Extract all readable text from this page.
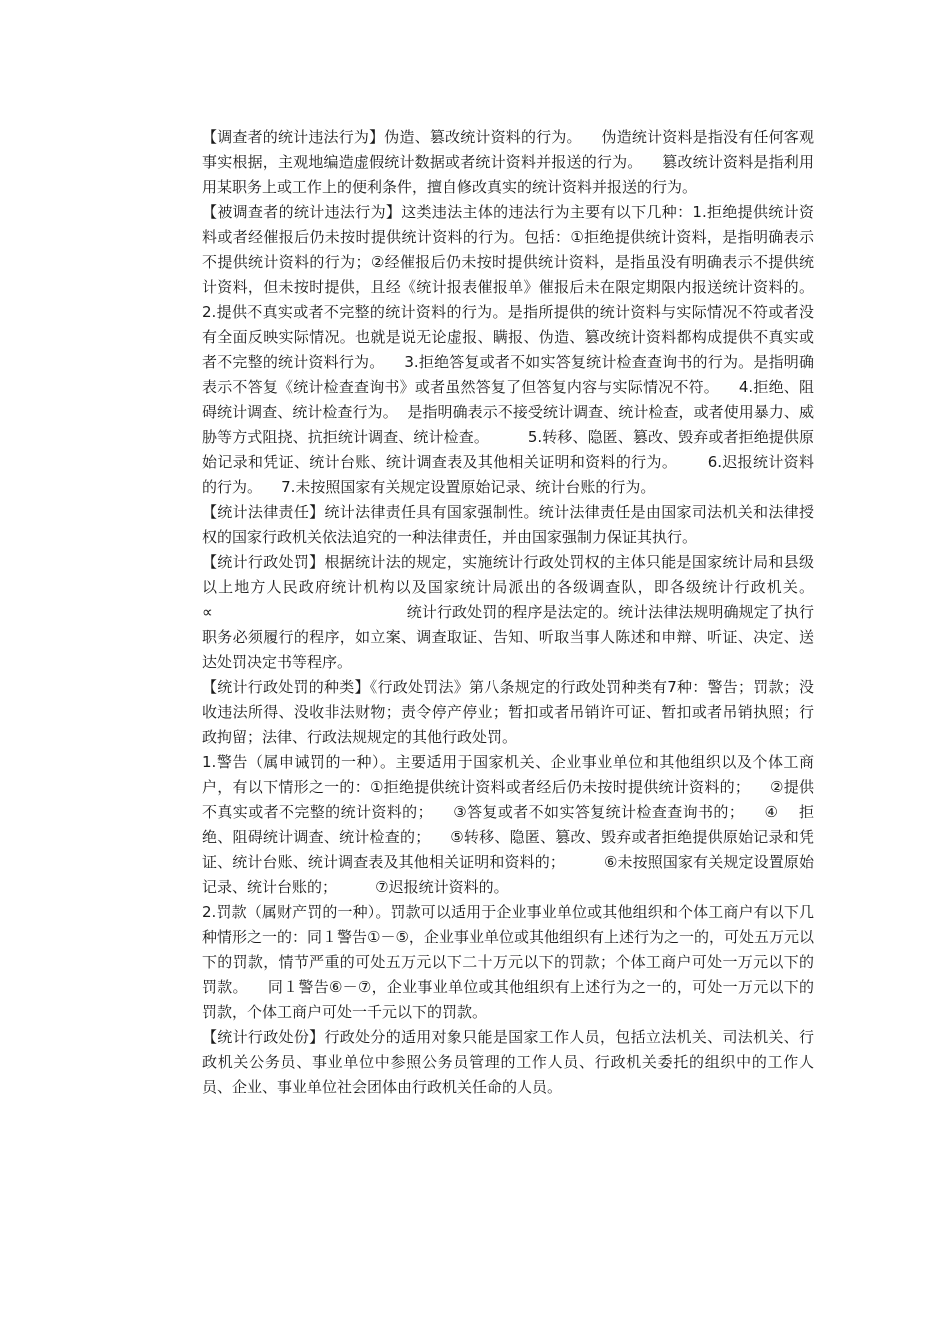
【调查者的统计违法行为】伪造、篡改统计资料的行为。    伪造统计资料是指没有任何客观事实根据，主观地编造虚假统计数据或者统计资料并报送的行为。    篡改统计资料是指利用用某职务上或工作上的便利条件，擅自修改真实的统计资料并报送的行为。

【被调查者的统计违法行为】这类违法主体的违法行为主要有以下几种：1.拒绝提供统计资料或者经催报后仍未按时提供统计资料的行为。包括：①拒绝提供统计资料，是指明确表示不提供统计资料的行为；②经催报后仍未按时提供统计资料，是指虽没有明确表示不提供统计资料，但未按时提供，且经《统计报表催报单》催报后未在限定期限内报送统计资料的。    2.提供不真实或者不完整的统计资料的行为。是指所提供的统计资料与实际情况不符或者没有全面反映实际情况。也就是说无论虚报、瞒报、伪造、篡改统计资料都构成提供不真实或者不完整的统计资料行为。    3.拒绝答复或者不如实答复统计检查查询书的行为。是指明确表示不答复《统计检查查询书》或者虽然答复了但答复内容与实际情况不符。    4.拒绝、阻碍统计调查、统计检查行为。  是指明确表示不接受统计调查、统计检查，或者使用暴力、威胁等方式阻挠、抗拒统计调查、统计检查。        5.转移、隐匿、篡改、毁弃或者拒绝提供原始记录和凭证、统计台账、统计调查表及其他相关证明和资料的行为。      6.迟报统计资料的行为。    7.未按照国家有关规定设置原始记录、统计台账的行为。

【统计法律责任】统计法律责任具有国家强制性。统计法律责任是由国家司法机关和法律授权的国家行政机关依法追究的一种法律责任，并由国家强制力保证其执行。

【统计行政处罚】根据统计法的规定，实施统计行政处罚权的主体只能是国家统计局和县级以上地方人民政府统计机构以及国家统计局派出的各级调查队，即各级统计行政机关。                ∝                                        统计行政处罚的程序是法定的。统计法律法规明确规定了执行职务必须履行的程序，如立案、调查取证、告知、听取当事人陈述和申辩、听证、决定、送达处罚决定书等程序。

【统计行政处罚的种类】《行政处罚法》第八条规定的行政处罚种类有7种：警告；罚款；没收违法所得、没收非法财物；责令停产停业；暂扣或者吊销许可证、暂扣或者吊销执照；行政拘留；法律、行政法规规定的其他行政处罚。

1.警告（属申诫罚的一种）。主要适用于国家机关、企业事业单位和其他组织以及个体工商户，有以下情形之一的：①拒绝提供统计资料或者经后仍未按时提供统计资料的；    ②提供不真实或者不完整的统计资料的；    ③答复或者不如实答复统计检查查询书的；    ④    拒绝、阻碍统计调查、统计检查的；    ⑤转移、隐匿、篡改、毁弃或者拒绝提供原始记录和凭证、统计台账、统计调查表及其他相关证明和资料的；        ⑥未按照国家有关规定设置原始记录、统计台账的；        ⑦迟报统计资料的。

2.罚款（属财产罚的一种）。罚款可以适用于企业事业单位或其他组织和个体工商户有以下几种情形之一的：同１警告①－⑤，企业事业单位或其他组织有上述行为之一的，可处五万元以下的罚款，情节严重的可处五万元以下二十万元以下的罚款；个体工商户可处一万元以下的罚款。    同１警告⑥－⑦，企业事业单位或其他组织有上述行为之一的，可处一万元以下的罚款，个体工商户可处一千元以下的罚款。

【统计行政处份】行政处分的适用对象只能是国家工作人员，包括立法机关、司法机关、行政机关公务员、事业单位中参照公务员管理的工作人员、行政机关委托的组织中的工作人员、企业、事业单位社会团体由行政机关任命的人员。
